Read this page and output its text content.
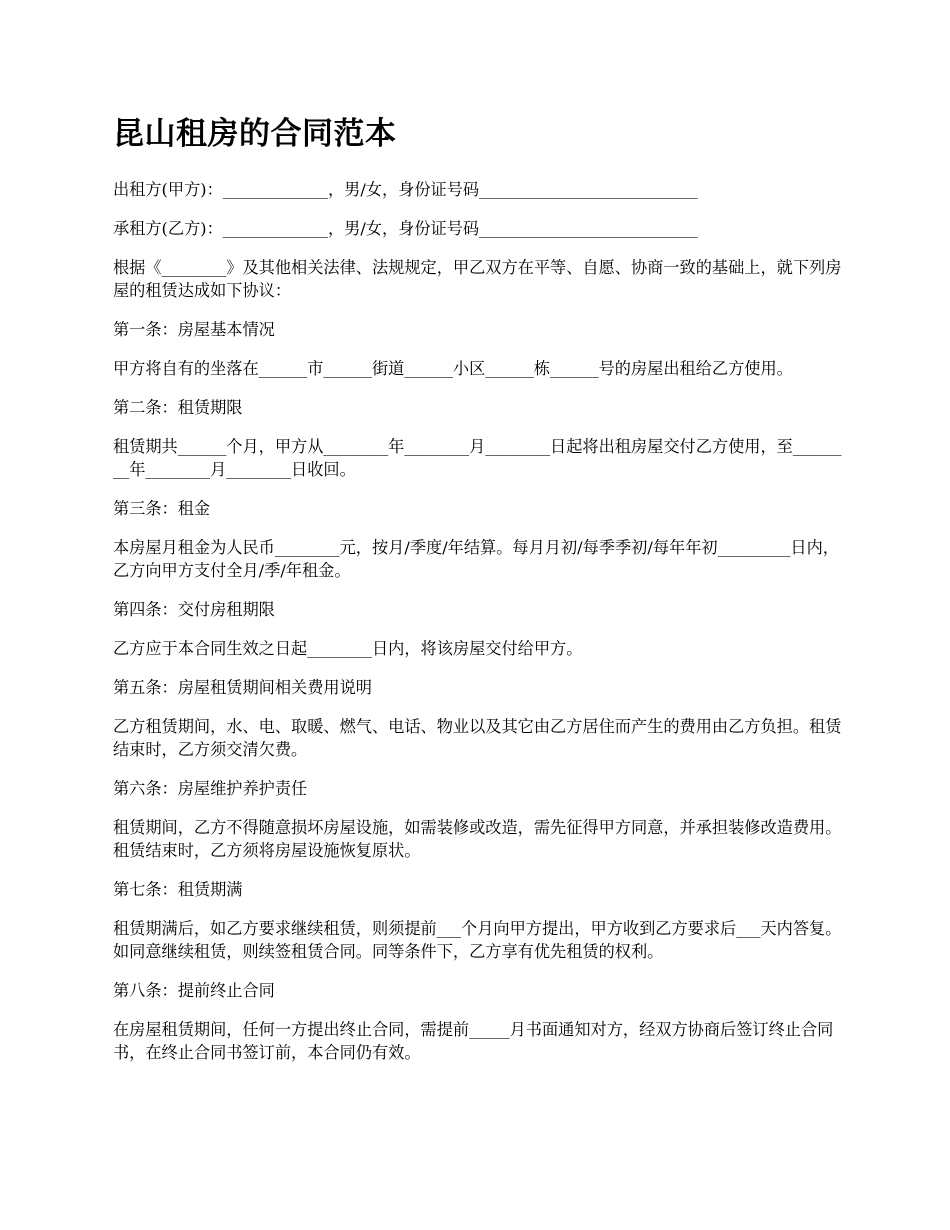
昆山租房的合同范本

出租方(甲方)：_____________，男/女，身份证号码___________________________

承租方(乙方)：_____________，男/女，身份证号码___________________________

根据《________》及其他相关法律、法规规定，甲乙双方在平等、自愿、协商一致的基础上，就下列房屋的租赁达成如下协议：

第一条：房屋基本情况

甲方将自有的坐落在______市______街道______小区______栋______号的房屋出租给乙方使用。

第二条：租赁期限

租赁期共______个月，甲方从________年________月________日起将出租房屋交付乙方使用，至________年________月________日收回。

第三条：租金

本房屋月租金为人民币________元，按月/季度/年结算。每月月初/每季季初/每年年初_________日内，乙方向甲方支付全月/季/年租金。

第四条：交付房租期限

乙方应于本合同生效之日起________日内，将该房屋交付给甲方。

第五条：房屋租赁期间相关费用说明

乙方租赁期间，水、电、取暖、燃气、电话、物业以及其它由乙方居住而产生的费用由乙方负担。租赁结束时，乙方须交清欠费。

第六条：房屋维护养护责任

租赁期间，乙方不得随意损坏房屋设施，如需装修或改造，需先征得甲方同意，并承担装修改造费用。租赁结束时，乙方须将房屋设施恢复原状。

第七条：租赁期满

租赁期满后，如乙方要求继续租赁，则须提前___个月向甲方提出，甲方收到乙方要求后___天内答复。如同意继续租赁，则续签租赁合同。同等条件下，乙方享有优先租赁的权利。

第八条：提前终止合同

在房屋租赁期间，任何一方提出终止合同，需提前_____月书面通知对方，经双方协商后签订终止合同书，在终止合同书签订前，本合同仍有效。
